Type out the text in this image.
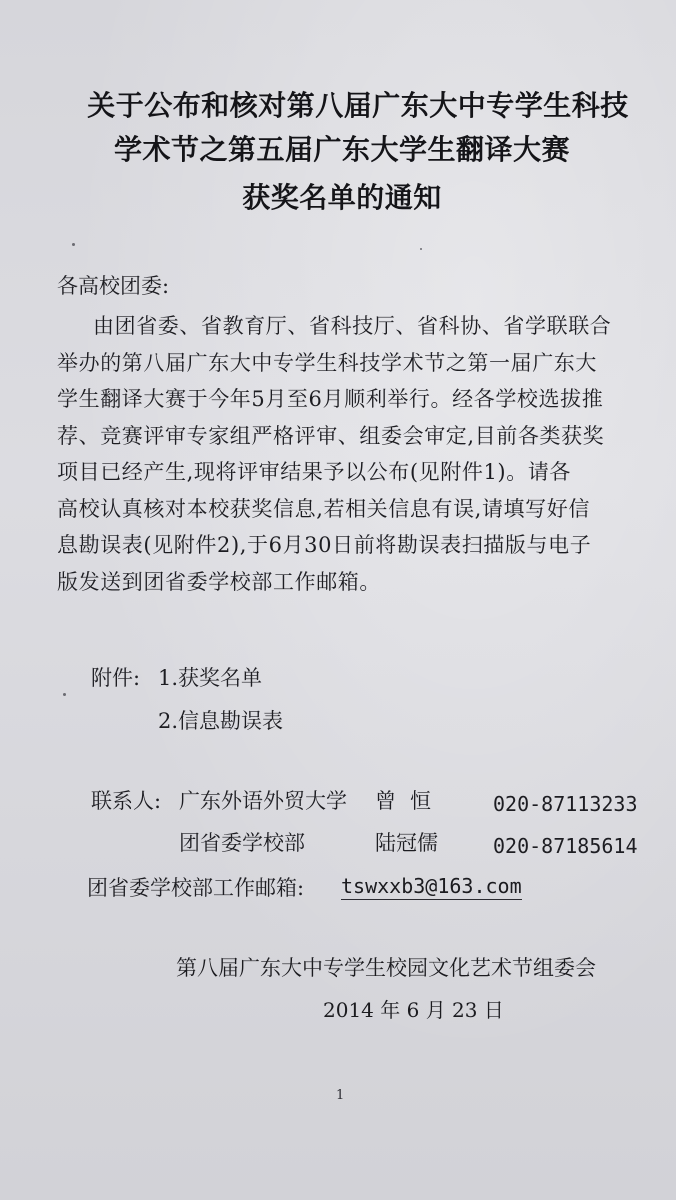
关于公布和核对第八届广东大中专学生科技
学术节之第五届广东大学生翻译大赛
获奖名单的通知

各高校团委:

由团省委、省教育厅、省科技厅、省科协、省学联联合
举办的第八届广东大中专学生科技学术节之第一届广东大
学生翻译大赛于今年5月至6月顺利举行。经各学校选拔推
荐、竞赛评审专家组严格评审、组委会审定,目前各类获奖
项目已经产生,现将评审结果予以公布(见附件1)。请各
高校认真核对本校获奖信息,若相关信息有误,请填写好信
息勘误表(见附件2),于6月30日前将勘误表扫描版与电子
版发送到团省委学校部工作邮箱。
附件: 1.获奖名单
2.信息勘误表
联系人: 广东外语外贸大学 曾恒 020-87113233
团省委学校部	陆冠儒	020-87185614
团省委学校部工作邮箱: tswxxb3@163.com
第八届广东大中专学生校园文化艺术节组委会
2014 年 6 月 23 日
1
